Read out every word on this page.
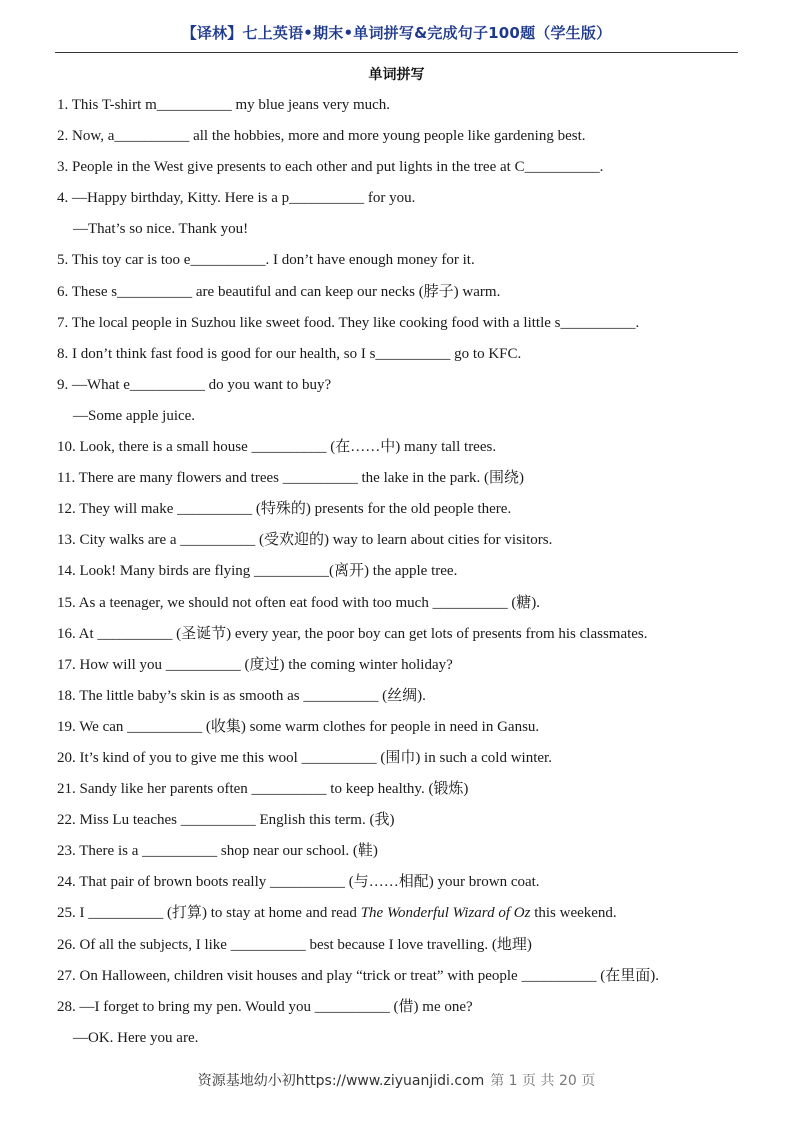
【译林】七上英语•期末•单词拼写&完成句子100题（学生版）
单词拼写
1. This T-shirt m__________ my blue jeans very much.
2. Now, a__________ all the hobbies, more and more young people like gardening best.
3. People in the West give presents to each other and put lights in the tree at C__________.
4. —Happy birthday, Kitty. Here is a p__________ for you.
—That’s so nice. Thank you!
5. This toy car is too e__________. I don’t have enough money for it.
6. These s__________ are beautiful and can keep our necks (脖子) warm.
7. The local people in Suzhou like sweet food. They like cooking food with a little s__________.
8. I don’t think fast food is good for our health, so I s__________ go to KFC.
9. —What e__________ do you want to buy?
—Some apple juice.
10. Look, there is a small house __________ (在……中) many tall trees.
11. There are many flowers and trees __________ the lake in the park. (围绕)
12. They will make __________ (特殊的) presents for the old people there.
13. City walks are a __________ (受欢迎的) way to learn about cities for visitors.
14. Look! Many birds are flying __________(离开) the apple tree.
15. As a teenager, we should not often eat food with too much __________ (糖).
16. At __________ (圣诞节) every year, the poor boy can get lots of presents from his classmates.
17. How will you __________ (度过) the coming winter holiday?
18. The little baby’s skin is as smooth as __________ (丝绸).
19. We can __________ (收集) some warm clothes for people in need in Gansu.
20. It’s kind of you to give me this wool __________ (围巾) in such a cold winter.
21. Sandy like her parents often __________ to keep healthy. (锻炼)
22. Miss Lu teaches __________ English this term. (我)
23. There is a __________ shop near our school. (鞋)
24. That pair of brown boots really __________ (与……相配) your brown coat.
25. I __________ (打算) to stay at home and read The Wonderful Wizard of Oz this weekend.
26. Of all the subjects, I like __________ best because I love travelling. (地理)
27. On Halloween, children visit houses and play “trick or treat” with people __________ (在里面).
28. —I forget to bring my pen. Would you __________ (借) me one?
—OK. Here you are.
资源基地幼小初https://www.ziyuanjidi.com 第 1 页 共 20 页
